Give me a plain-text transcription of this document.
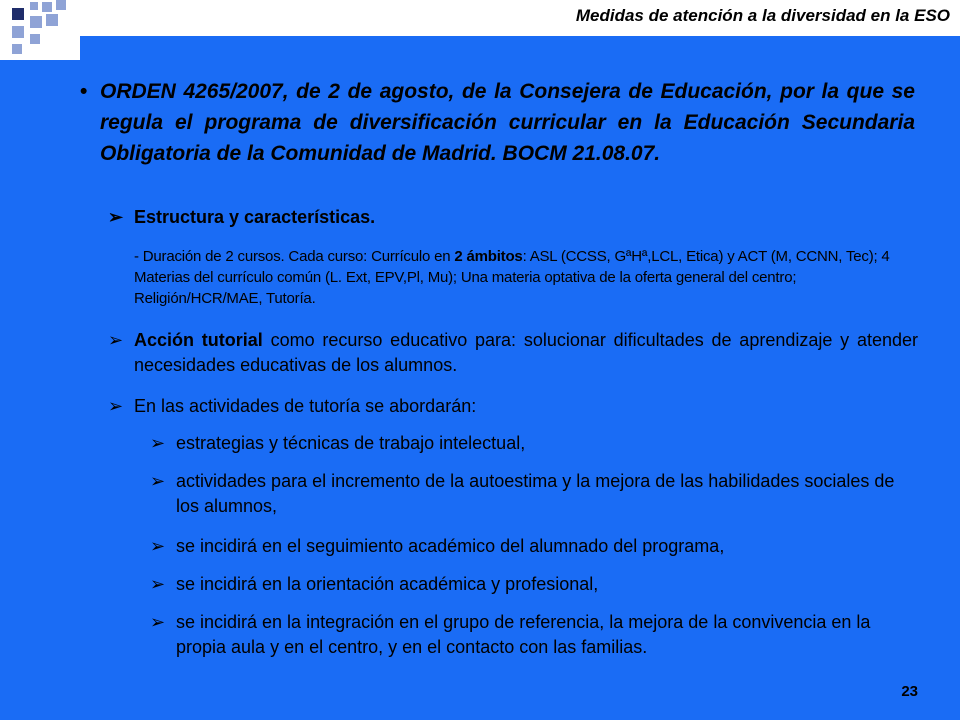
Medidas de atención a la diversidad en la ESO
• ORDEN 4265/2007, de 2 de agosto, de la Consejera de Educación, por la que se regula el programa de diversificación curricular en la Educación Secundaria Obligatoria de la Comunidad de Madrid. BOCM 21.08.07.
➢ Estructura y características.
- Duración de 2 cursos. Cada curso: Currículo en 2 ámbitos: ASL (CCSS, GªHª,LCL, Etica) y ACT (M, CCNN, Tec); 4 Materias del currículo común (L. Ext, EPV,Pl, Mu); Una materia optativa de la oferta general del centro; Religión/HCR/MAE, Tutoría.
➢ Acción tutorial como recurso educativo para: solucionar dificultades de aprendizaje y atender necesidades educativas de los alumnos.
➢ En las actividades de tutoría se abordarán:
➢ estrategias y técnicas de trabajo intelectual,
➢ actividades para el incremento de la autoestima y la mejora de las habilidades sociales de los alumnos,
➢ se incidirá en el seguimiento académico del alumnado del programa,
➢ se incidirá en la orientación académica y profesional,
➢ se incidirá en la integración en el grupo de referencia, la mejora de la convivencia en la propia aula y en el centro, y en el contacto con las familias.
23
